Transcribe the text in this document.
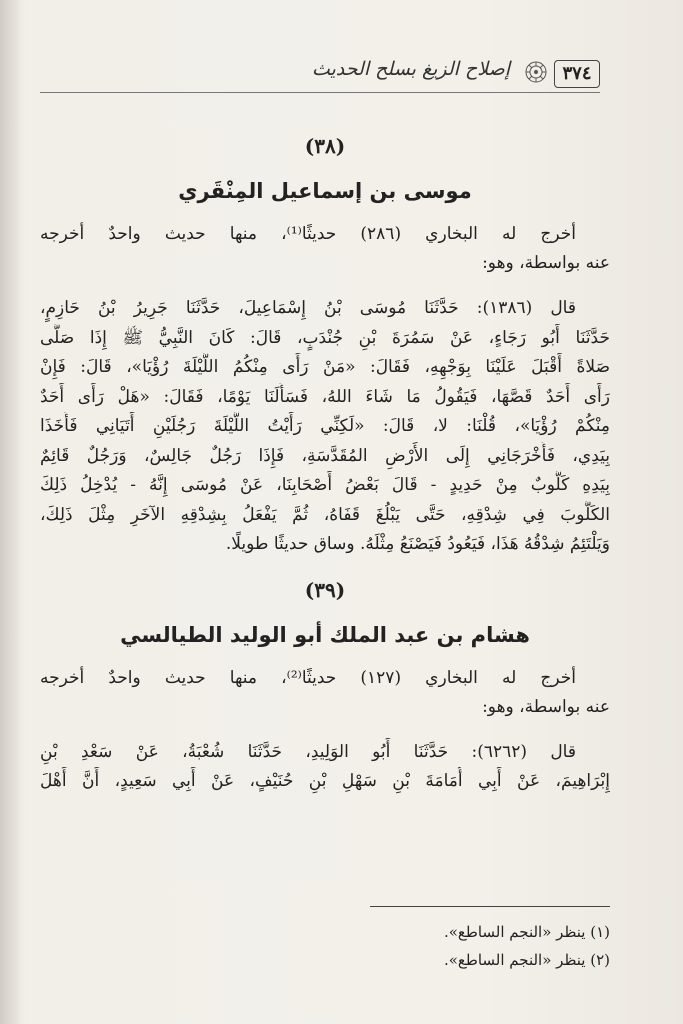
٣٧٤
إصلاح الزيغ بسلح الحديث
(٣٨)
موسى بن إسماعيل المِنْقَري
أخرج له البخاري (٢٨٦) حديثًا⁽¹⁾، منها حديث واحدٌ أخرجه
عنه بواسطة، وهو:
قال (١٣٨٦): حَدَّثَنَا مُوسَى بْنُ إِسْمَاعِيلَ، حَدَّثَنَا جَرِيرُ بْنُ حَازِمٍ،
حَدَّثَنَا أَبُو رَجَاءٍ، عَنْ سَمُرَةَ بْنِ جُنْدَبٍ، قَالَ: كَانَ النَّبِيُّ ﷺ إِذَا صَلَّى
صَلاةً أَقْبَلَ عَلَيْنَا بِوَجْهِهِ، فَقَالَ: «مَنْ رَأَى مِنْكُمُ اللَّيْلَةَ رُؤْيَا»، قَالَ: فَإِنْ
رَأَى أَحَدٌ قَصَّهَا، فَيَقُولُ مَا شَاءَ اللهُ، فَسَأَلَنَا يَوْمًا، فَقَالَ: «هَلْ رَأَى أَحَدٌ
مِنْكُمْ رُؤْيَا»، قُلْنَا: لا، قَالَ: «لَكِنِّي رَأَيْتُ اللَّيْلَةَ رَجُلَيْنِ أَتَيَانِي فَأَخَذَا
بِيَدِي، فَأَخْرَجَانِي إِلَى الأَرْضِ المُقَدَّسَةِ، فَإِذَا رَجُلٌ جَالِسٌ، وَرَجُلٌ قَائِمٌ
بِيَدِهِ كَلُّوبٌ مِنْ حَدِيدٍ - قَالَ بَعْضُ أَصْحَابِنَا، عَنْ مُوسَى إِنَّهُ - يُدْخِلُ ذَلِكَ
الكَلُّوبَ فِي شِدْقِهِ، حَتَّى يَبْلُغَ قَفَاهُ، ثُمَّ يَفْعَلُ بِشِدْقِهِ الآخَرِ مِثْلَ ذَلِكَ،
وَيَلْتَئِمُ شِدْقُهُ هَذَا، فَيَعُودُ فَيَصْنَعُ مِثْلَهُ. وساق حديثًا طويلًا.
(٣٩)
هشام بن عبد الملك أبو الوليد الطيالسي
أخرج له البخاري (١٢٧) حديثًا⁽²⁾، منها حديث واحدٌ أخرجه
عنه بواسطة، وهو:
قال (٦٢٦٢): حَدَّثَنَا أَبُو الوَلِيدِ، حَدَّثَنَا شُعْبَةُ، عَنْ سَعْدِ بْنِ
إِبْرَاهِيمَ، عَنْ أَبِي أُمَامَةَ بْنِ سَهْلِ بْنِ حُنَيْفٍ، عَنْ أَبِي سَعِيدٍ، أَنَّ أَهْلَ
(١) ينظر «النجم الساطع».
(٢) ينظر «النجم الساطع».
